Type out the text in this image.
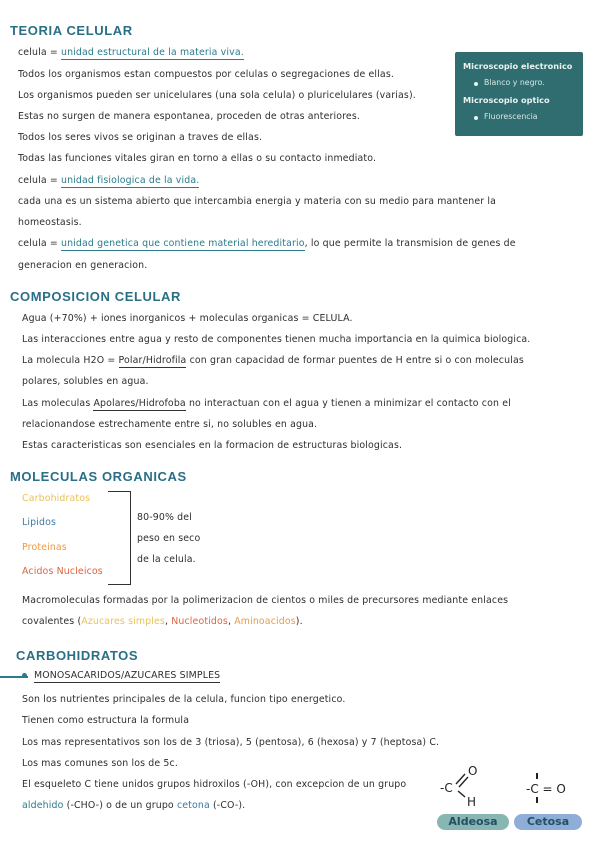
TEORIA CELULAR
celula = unidad estructural de la materia viva.
Todos los organismos estan compuestos por celulas o segregaciones de ellas.
Los organismos pueden ser unicelulares (una sola celula) o pluricelulares (varias).
Estas no surgen de manera espontanea, proceden de otras anteriores.
Todos los seres vivos se originan a traves de ellas.
Todas las funciones vitales giran en torno a ellas o su contacto inmediato.
celula = unidad fisiologica de la vida.
cada una es un sistema abierto que intercambia energia y materia con su medio para mantener la
homeostasis.
celula = unidad genetica que contiene material hereditario, lo que permite la transmision de genes de
generacion en generacion.
Microscopio electronico
Blanco y negro.
Microscopio optico
Fluorescencia
COMPOSICION CELULAR
Agua (+70%) + iones inorganicos + moleculas organicas = CELULA.
Las interacciones entre agua y resto de componentes tienen mucha importancia en la quimica biologica.
La molecula H2O = Polar/Hidrofila con gran capacidad de formar puentes de H entre si o con moleculas
polares, solubles en agua.
Las moleculas Apolares/Hidrofoba no interactuan con el agua y tienen a minimizar el contacto con el
relacionandose estrechamente entre si, no solubles en agua.
Estas caracteristicas son esenciales en la formacion de estructuras biologicas.
MOLECULAS ORGANICAS
Carbohidratos
Lipidos
Proteinas
Acidos Nucleicos
80-90% del
peso en seco
de la celula.
Macromoleculas formadas por la polimerizacion de cientos o miles de precursores mediante enlaces
covalentes (Azucares simples, Nucleotidos, Aminoacidos).
CARBOHIDRATOS
MONOSACARIDOS/AZUCARES SIMPLES
Son los nutrientes principales de la celula, funcion tipo energetico.
Tienen como estructura la formula
Los mas representativos son los de 3 (triosa), 5 (pentosa), 6 (hexosa) y 7 (heptosa) C.
Los mas comunes son los de 5c.
El esqueleto C tiene unidos grupos hidroxilos (-OH), con excepcion de un grupo
aldehido (-CHO-) o de un grupo cetona (-CO-).
O
-C
H
-C = O
Aldeosa	Cetosa
